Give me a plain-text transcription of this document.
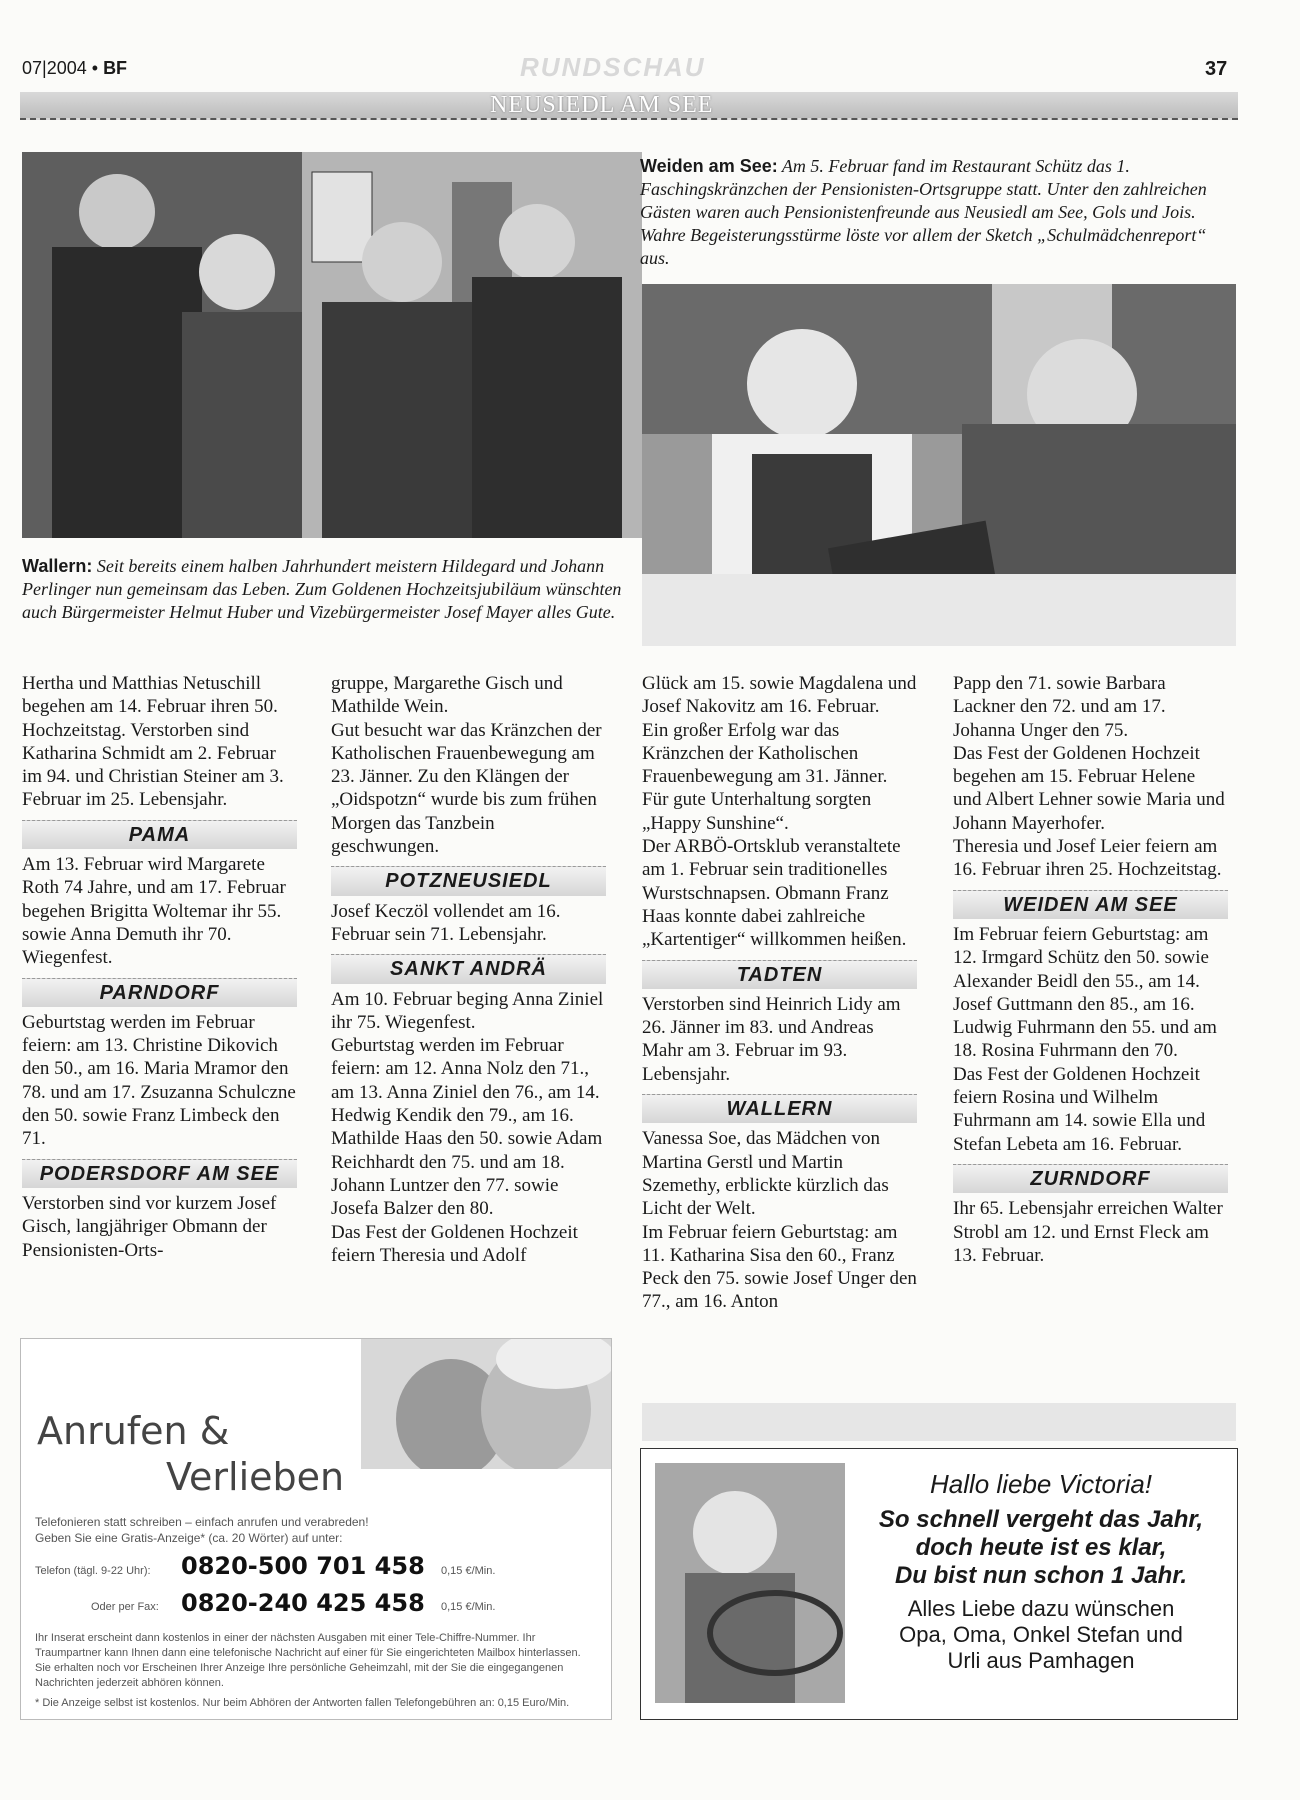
07|2004 • BF	RUNDSCHAU	37
NEUSIEDL AM SEE
Wallern: Seit bereits einem halben Jahrhundert meistern Hildegard und Johann Perlinger nun gemeinsam das Leben. Zum Goldenen Hochzeitsjubiläum wünschten auch Bürgermeister Helmut Huber und Vizebürgermeister Josef Mayer alles Gute.
Weiden am See: Am 5. Februar fand im Restaurant Schütz das 1. Faschingskränzchen der Pensionisten-Ortsgruppe statt. Unter den zahlreichen Gästen waren auch Pensionistenfreunde aus Neusiedl am See, Gols und Jois. Wahre Begeisterungsstürme löste vor allem der Sketch „Schulmädchenreport“ aus.

Hertha und Matthias Netuschill begehen am 14. Februar ihren 50. Hochzeitstag. Verstorben sind Katharina Schmidt am 2. Februar im 94. und Christian Steiner am 3. Februar im 25. Lebensjahr.

PAMA

Am 13. Februar wird Margarete Roth 74 Jahre, und am 17. Februar begehen Brigitta Woltemar ihr 55. sowie Anna Demuth ihr 70. Wiegenfest.

PARNDORF

Geburtstag werden im Februar feiern: am 13. Christine Dikovich den 50., am 16. Maria Mramor den 78. und am 17. Zsuzanna Schulczne den 50. sowie Franz Limbeck den 71.

PODERSDORF AM SEE

Verstorben sind vor kurzem Josef Gisch, langjähriger Obmann der Pensionisten-Orts-

gruppe, Margarethe Gisch und Mathilde Wein.

Gut besucht war das Kränzchen der Katholischen Frauenbewegung am 23. Jänner. Zu den Klängen der „Oidspotzn“ wurde bis zum frühen Morgen das Tanzbein geschwungen.

POTZNEUSIEDL

Josef Keczöl vollendet am 16. Februar sein 71. Lebensjahr.

SANKT ANDRÄ

Am 10. Februar beging Anna Ziniel ihr 75. Wiegenfest.

Geburtstag werden im Februar feiern: am 12. Anna Nolz den 71., am 13. Anna Ziniel den 76., am 14. Hedwig Kendik den 79., am 16. Mathilde Haas den 50. sowie Adam Reichhardt den 75. und am 18. Johann Luntzer den 77. sowie Josefa Balzer den 80.

Das Fest der Goldenen Hochzeit feiern Theresia und Adolf

Glück am 15. sowie Magdalena und Josef Nakovitz am 16. Februar.

Ein großer Erfolg war das Kränzchen der Katholischen Frauenbewegung am 31. Jänner. Für gute Unterhaltung sorgten „Happy Sunshine“.

Der ARBÖ-Ortsklub veranstaltete am 1. Februar sein traditionelles Wurstschnapsen. Obmann Franz Haas konnte dabei zahlreiche „Kartentiger“ willkommen heißen.

TADTEN

Verstorben sind Heinrich Lidy am 26. Jänner im 83. und Andreas Mahr am 3. Februar im 93. Lebensjahr.

WALLERN

Vanessa Soe, das Mädchen von Martina Gerstl und Martin Szemethy, erblickte kürzlich das Licht der Welt.

Im Februar feiern Geburtstag: am 11. Katharina Sisa den 60., Franz Peck den 75. sowie Josef Unger den 77., am 16. Anton

Papp den 71. sowie Barbara Lackner den 72. und am 17. Johanna Unger den 75.

Das Fest der Goldenen Hochzeit begehen am 15. Februar Helene und Albert Lehner sowie Maria und Johann Mayerhofer.

Theresia und Josef Leier feiern am 16. Februar ihren 25. Hochzeitstag.

WEIDEN AM SEE

Im Februar feiern Geburtstag: am 12. Irmgard Schütz den 50. sowie Alexander Beidl den 55., am 14. Josef Guttmann den 85., am 16. Ludwig Fuhrmann den 55. und am 18. Rosina Fuhrmann den 70.

Das Fest der Goldenen Hochzeit feiern Rosina und Wilhelm Fuhrmann am 14. sowie Ella und Stefan Lebeta am 16. Februar.

ZURNDORF

Ihr 65. Lebensjahr erreichen Walter Strobl am 12. und Ernst Fleck am 13. Februar.

Anrufen &
Verlieben
Telefonieren statt schreiben – einfach anrufen und verabreden!
Geben Sie eine Gratis-Anzeige* (ca. 20 Wörter) auf unter:
Telefon (tägl. 9-22 Uhr): 0820-500 701 458 0,15 €/Min.
Oder per Fax: 0820-240 425 458 0,15 €/Min.
Ihr Inserat erscheint dann kostenlos in einer der nächsten Ausgaben mit einer Tele-Chiffre-Nummer. Ihr Traumpartner kann Ihnen dann eine telefonische Nachricht auf einer für Sie eingerichteten Mailbox hinterlassen. Sie erhalten noch vor Erscheinen Ihrer Anzeige Ihre persönliche Geheimzahl, mit der Sie die eingegangenen Nachrichten jederzeit abhören können.
* Die Anzeige selbst ist kostenlos. Nur beim Abhören der Antworten fallen Telefongebühren an: 0,15 Euro/Min.
Hallo liebe Victoria!
So schnell vergeht das Jahr,
doch heute ist es klar,
Du bist nun schon 1 Jahr.
Alles Liebe dazu wünschen
Opa, Oma, Onkel Stefan und
Urli aus Pamhagen
